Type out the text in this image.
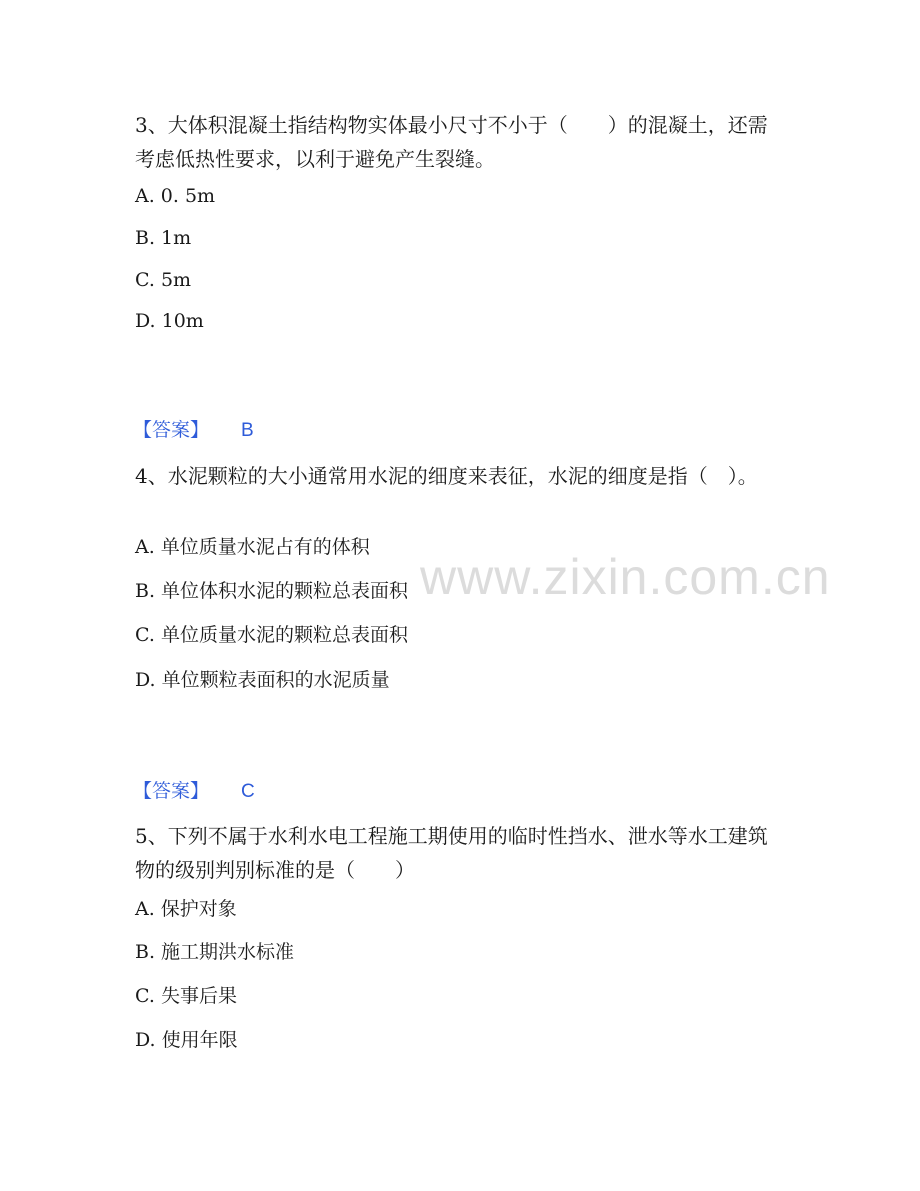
www.zixin.com.cn

3、大体积混凝土指结构物实体最小尺寸不小于（　　）的混凝土，还需考虑低热性要求，以利于避免产生裂缝。

A. 0. 5m

B. 1m

C. 5m

D. 10m

【答案】 B

4、水泥颗粒的大小通常用水泥的细度来表征，水泥的细度是指（　）。

A. 单位质量水泥占有的体积

B. 单位体积水泥的颗粒总表面积

C. 单位质量水泥的颗粒总表面积

D. 单位颗粒表面积的水泥质量

【答案】 C

5、下列不属于水利水电工程施工期使用的临时性挡水、泄水等水工建筑物的级别判别标准的是（　　）

A. 保护对象

B. 施工期洪水标准

C. 失事后果

D. 使用年限
